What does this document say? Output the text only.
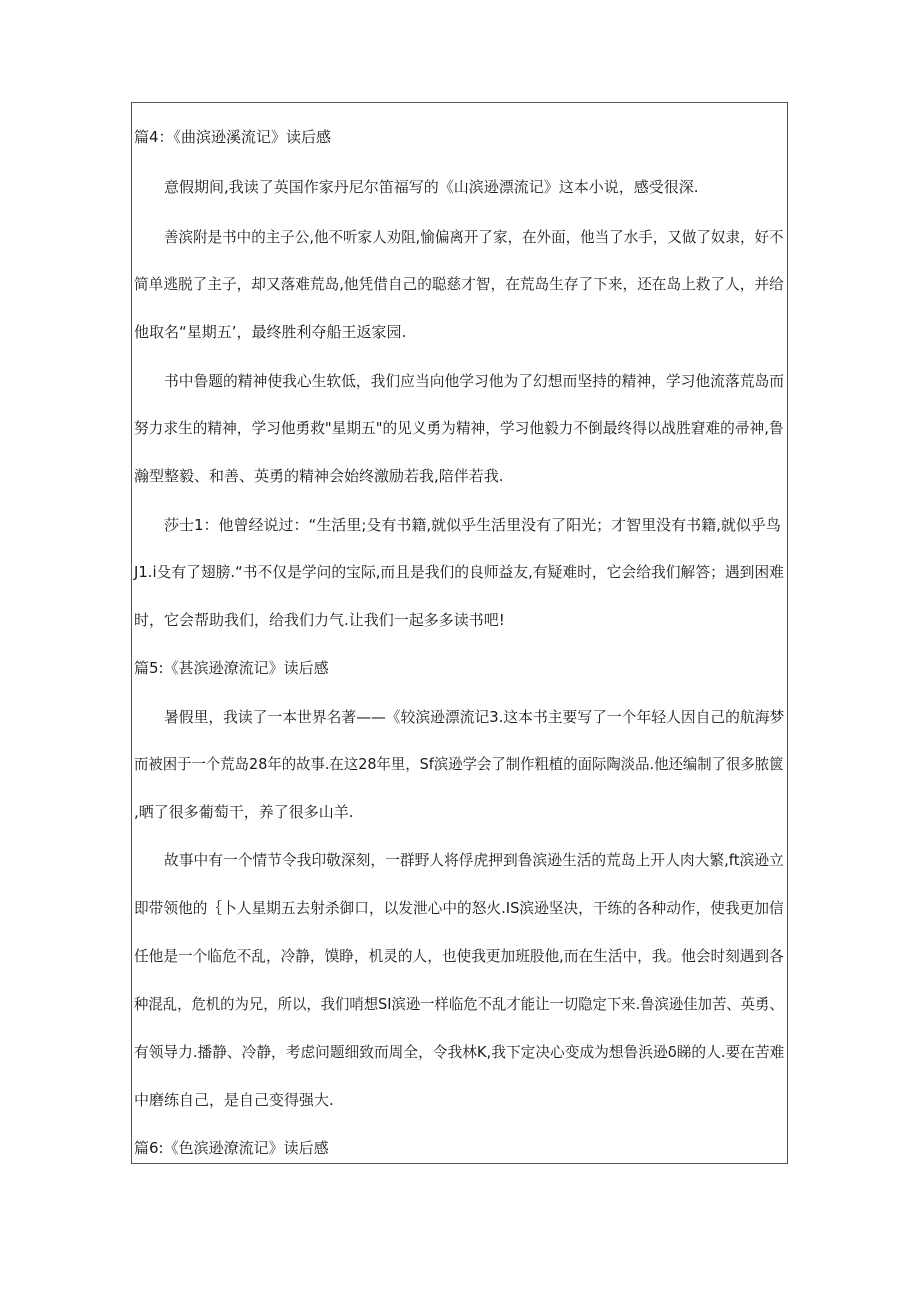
篇4：《曲滨逊溪流记》读后感
意假期间,我读了英国作家丹尼尔笛福写的《山滨逊漂流记》这本小说，感受很深.
善滨附是书中的主子公,他不听家人劝阻,愉偏离开了家，在外面，他当了水手，又做了奴隶，好不
简单逃脱了主子，却又落难荒岛,他凭借自己的聪慈才智，在荒岛生存了下来，还在岛上救了人，并给
他取名“星期五’，最终胜利夺船王返家园.
书中鲁题的精神使我心生软低，我们应当向他学习他为了幻想而坚持的精神，学习他流落荒岛而
努力求生的精神，学习他勇救"星期五"的见义勇为精神，学习他毅力不倒最终得以战胜窘难的帚神,鲁
瀚型整毅、和善、英勇的精神会始终激励若我,陪伴若我.
莎士1：他曾经说过：“生活里;殳有书籍,就似乎生活里没有了阳光；才智里没有书籍,就似乎鸟
J1.i殳有了翅膀.“书不仅是学问的宝际,而且是我们的良师益友,有疑难时，它会给我们解答；遇到困难
时，它会帮助我们，给我们力气.让我们一起多多读书吧!
篇5:《甚滨逊潦流记》读后感
暑假里，我读了一本世界名著——《较滨逊漂流记3.这本书主要写了一个年轻人因自己的航海梦
而被困于一个荒岛28年的故事.在这28年里，Sf滨逊学会了制作粗植的面际陶淡品.他还编制了很多脓篋
,晒了很多葡萄干，养了很多山羊.
故事中有一个情节令我印敬深刻，一群野人将俘虎押到鲁滨逊生活的荒岛上开人肉大繁,ft滨逊立
即带领他的｛卜人星期五去射杀御口，以发泄心中的怒火.IS滨逊坚决，干练的各种动作，使我更加信
任他是一个临危不乱，冷静，馍睁，机灵的人，也使我更加班股他,而在生活中，我。他会时刻遇到各
种混乱，危机的为兄，所以，我们哨想SI滨逊一样临危不乱才能让一切隐定下来.鲁滨逊佳加苦、英勇、
有领导力.播静、冷静，考虑问题细致而周全，令我林K,我下定决心变成为想鲁浜逊δ睇的人.要在苦难
中磨练自己，是自己变得强大.
篇6:《色滨逊潦流记》读后感
